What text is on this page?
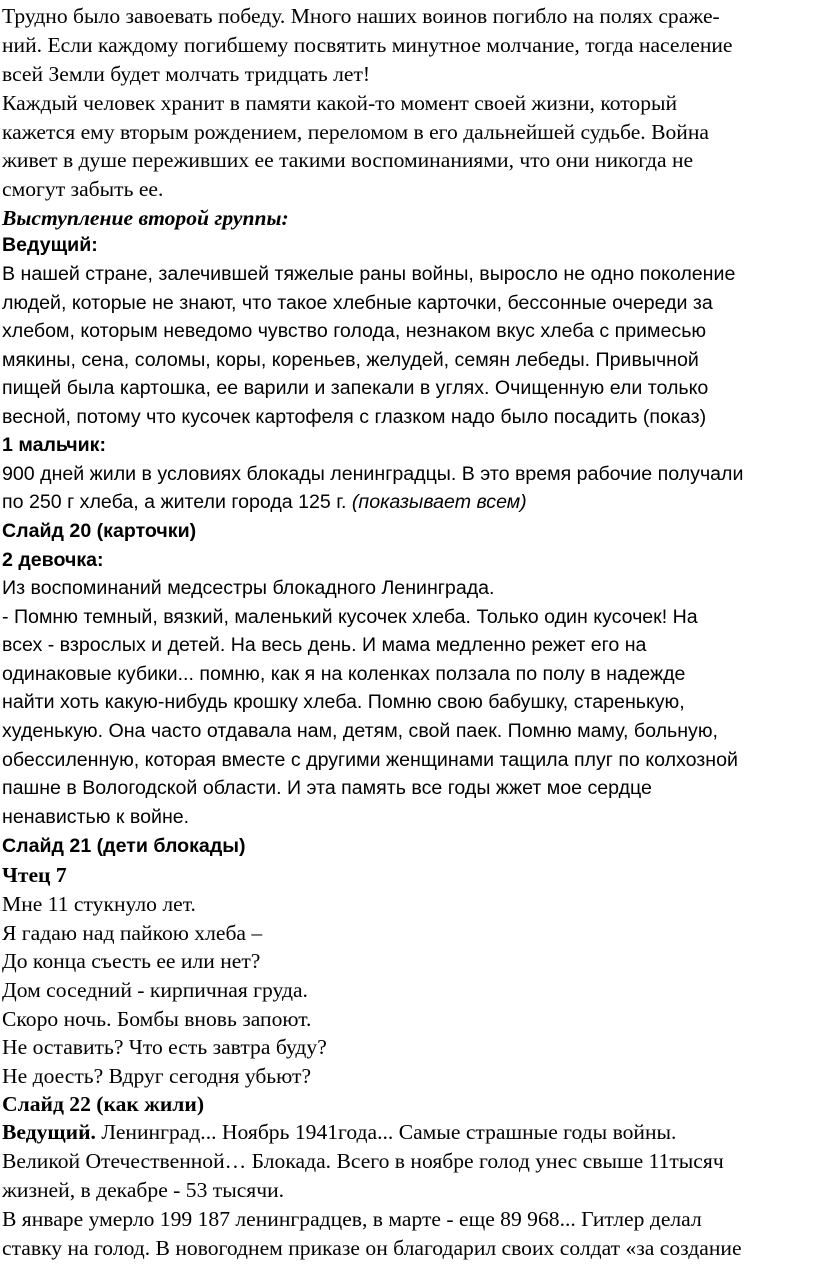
Трудно было завоевать победу. Много наших воинов погибло на полях сраже-
ний. Если каждому погибшему посвятить минутное молчание, тогда население
всей Земли будет молчать тридцать лет!
Каждый человек хранит в памяти какой-то момент своей жизни, который
кажется ему вторым рождением, переломом в его дальнейшей судьбе. Война
живет в душе переживших ее такими воспоминаниями, что они никогда не
смогут забыть ее.
Выступление второй группы:
Ведущий:
В нашей стране, залечившей тяжелые раны войны, выросло не одно поколение
людей, которые не знают, что такое хлебные карточки, бессонные очереди за
хлебом, которым неведомо чувство голода, незнаком вкус хлеба с примесью
мякины, сена, соломы, коры, кореньев, желудей, семян лебеды. Привычной
пищей была картошка, ее варили и запекали в углях. Очищенную ели только
весной, потому что кусочек картофеля с глазком надо было посадить (показ)
1 мальчик:
900 дней жили в условиях блокады ленинградцы. В это время рабочие получали
по 250 г хлеба, а жители города 125 г. (показывает всем)
Слайд 20 (карточки)
2 девочка:
Из воспоминаний медсестры блокадного Ленинграда.
- Помню темный, вязкий, маленький кусочек хлеба. Только один кусочек! На
всех - взрослых и детей. На весь день. И мама медленно режет его на
одинаковые кубики... помню, как я на коленках ползала по полу в надежде
найти хоть какую-нибудь крошку хлеба. Помню свою бабушку, старенькую,
худенькую. Она часто отдавала нам, детям, свой паек. Помню маму, больную,
обессиленную, которая вместе с другими женщинами тащила плуг по колхозной
пашне в Вологодской области. И эта память все годы жжет мое сердце
ненавистью к войне.
Слайд 21 (дети блокады)
Чтец 7
Мне 11 стукнуло лет.
Я гадаю над пайкою хлеба –
До конца съесть ее или нет?
Дом соседний - кирпичная груда.
Скоро ночь. Бомбы вновь запоют.
Не оставить? Что есть завтра буду?
Не доесть? Вдруг сегодня убьют?
Слайд 22 (как жили)
Ведущий. Ленинград... Ноябрь 1941года... Самые страшные годы войны.
Великой Отечественной… Блокада. Всего в ноябре голод унес свыше 11тысяч
жизней, в декабре - 53 тысячи.
В январе умерло 199 187 ленинградцев, в марте - еще 89 968... Гитлер делал
ставку на голод. В новогоднем приказе он благодарил своих солдат «за создание
